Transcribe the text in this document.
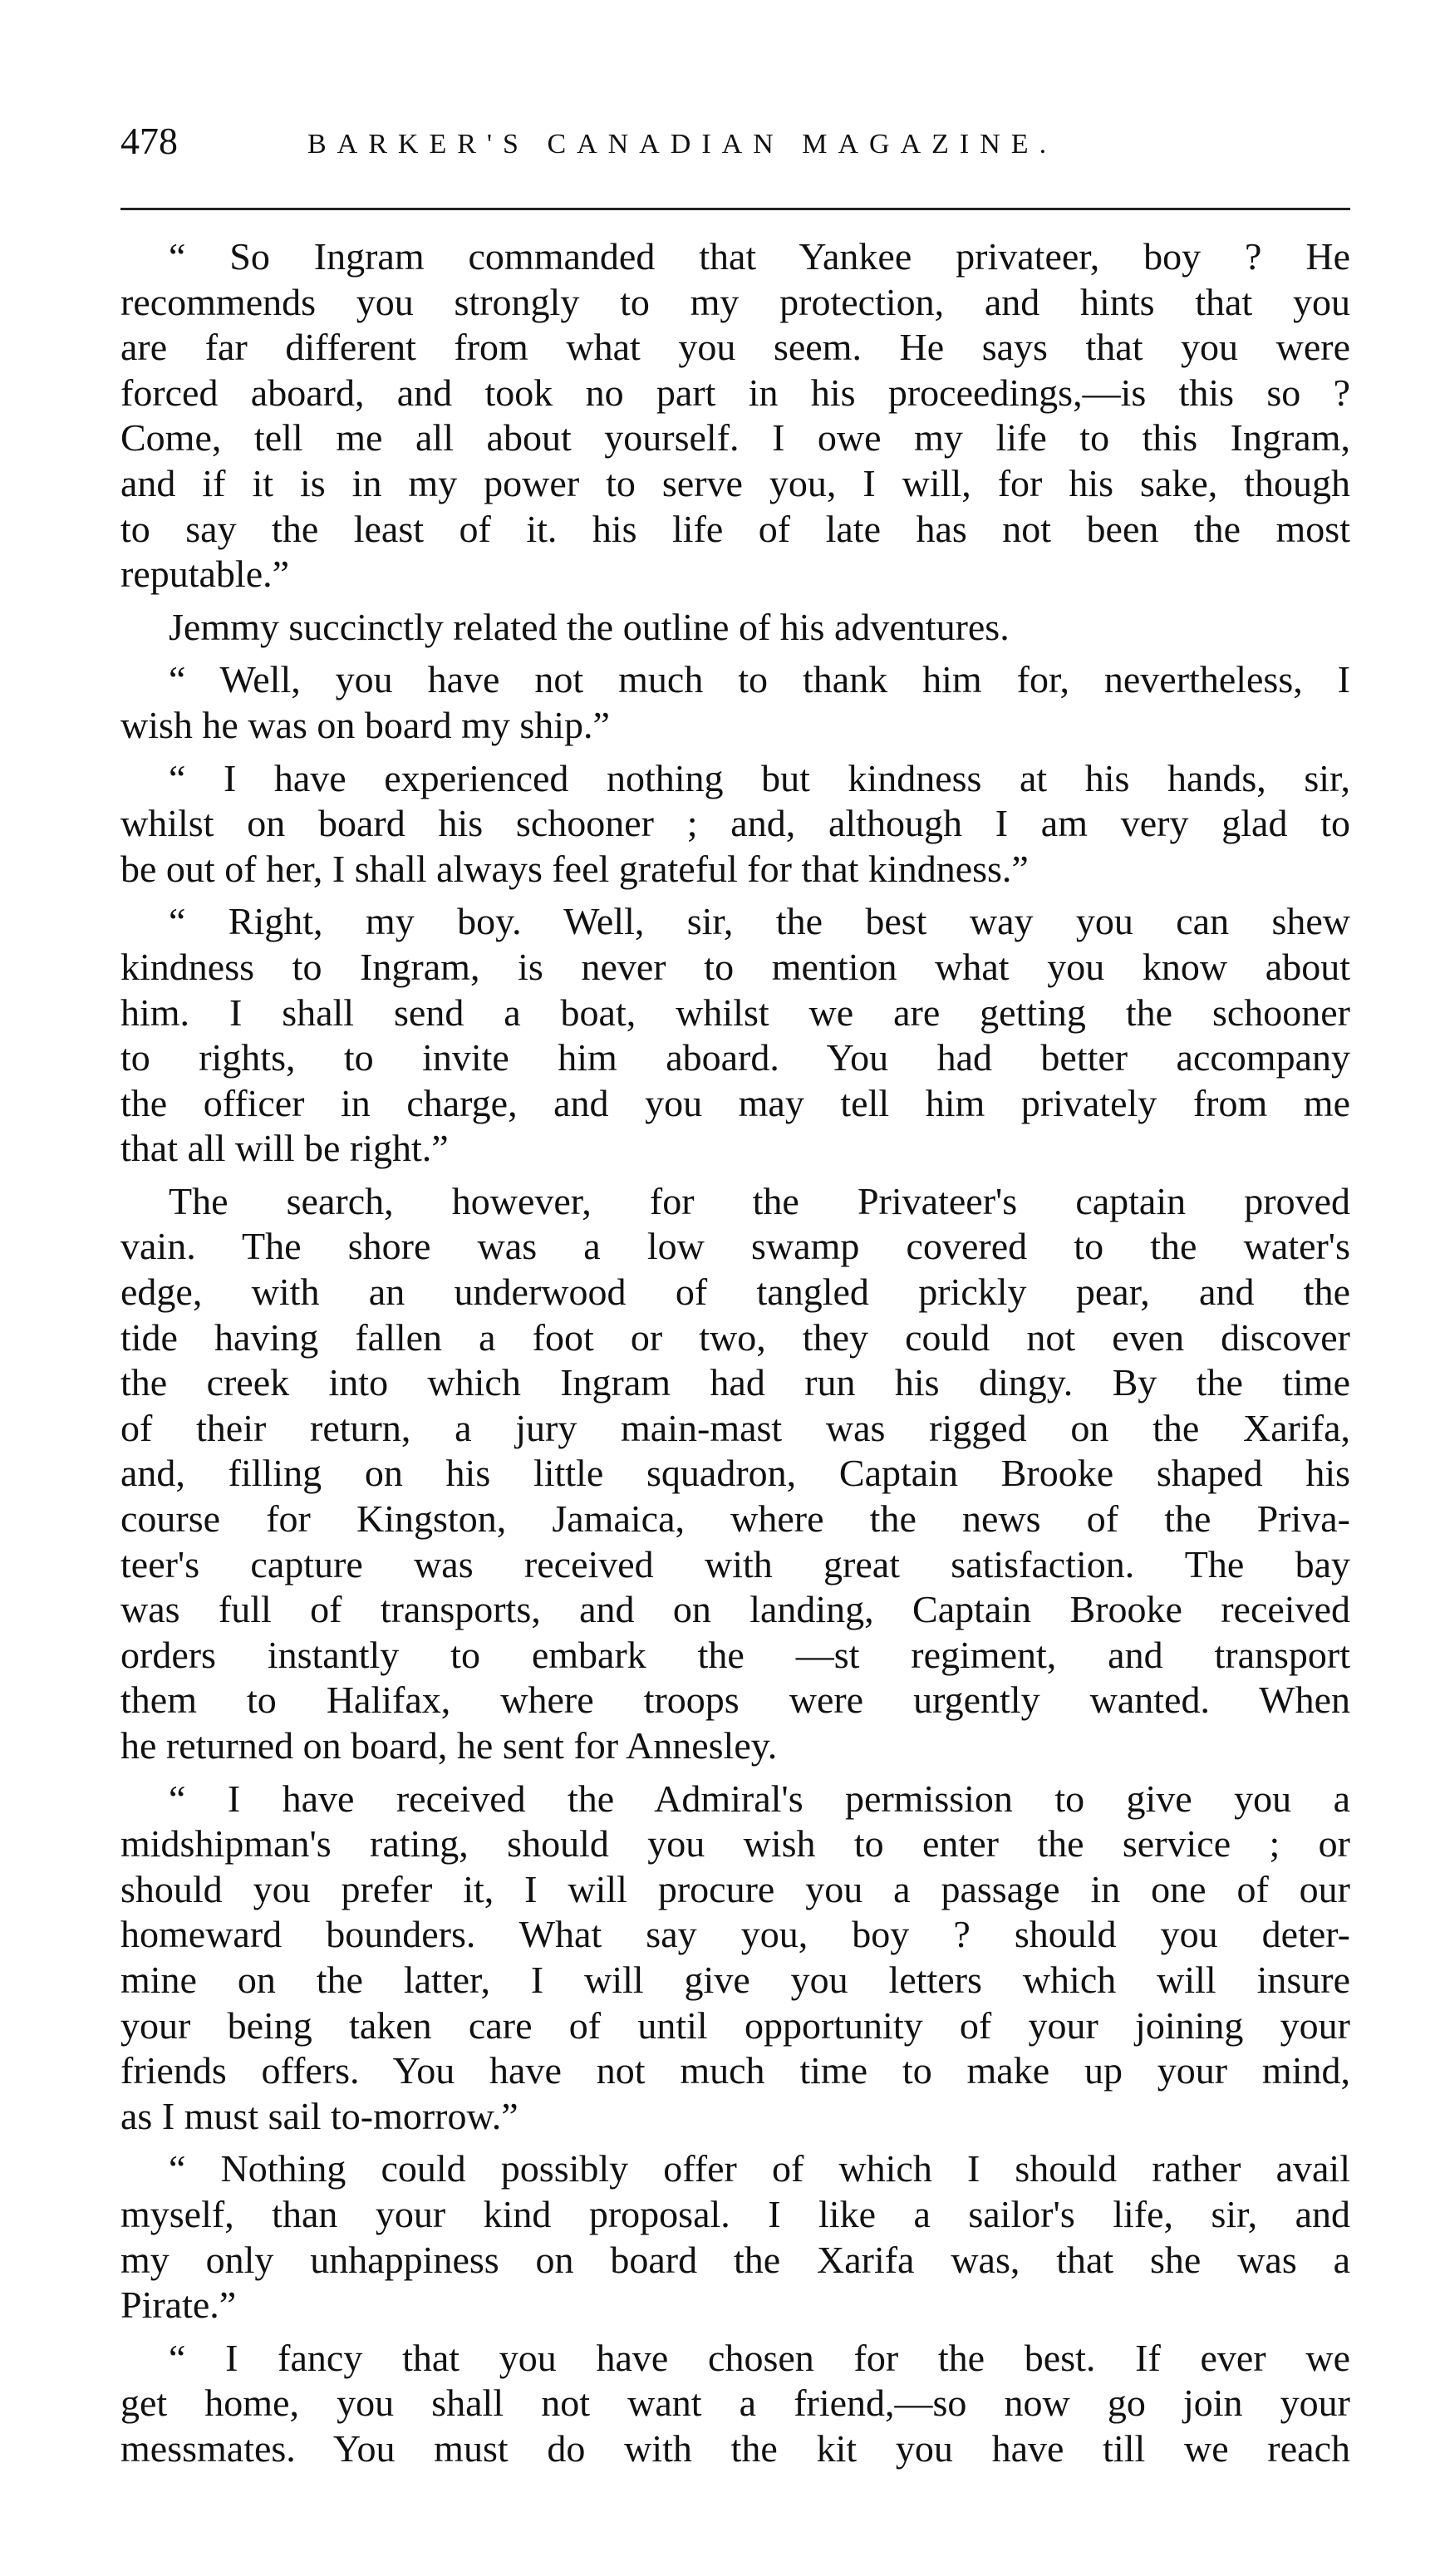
478	BARKER'S CANADIAN MAGAZINE.
“ So Ingram commanded that Yankee privateer, boy ? He
recommends you strongly to my protection, and hints that you
are far different from what you seem. He says that you were
forced aboard, and took no part in his proceedings,—is this so ?
Come, tell me all about yourself. I owe my life to this Ingram,
and if it is in my power to serve you, I will, for his sake, though
to say the least of it. his life of late has not been the most
reputable.”
Jemmy succinctly related the outline of his adventures.
“ Well, you have not much to thank him for, nevertheless, I
wish he was on board my ship.”
“ I have experienced nothing but kindness at his hands, sir,
whilst on board his schooner ; and, although I am very glad to
be out of her, I shall always feel grateful for that kindness.”
“ Right, my boy. Well, sir, the best way you can shew
kindness to Ingram, is never to mention what you know about
him. I shall send a boat, whilst we are getting the schooner
to rights, to invite him aboard. You had better accompany
the officer in charge, and you may tell him privately from me
that all will be right.”
The search, however, for the Privateer's captain proved
vain. The shore was a low swamp covered to the water's
edge, with an underwood of tangled prickly pear, and the
tide having fallen a foot or two, they could not even discover
the creek into which Ingram had run his dingy. By the time
of their return, a jury main-mast was rigged on the Xarifa,
and, filling on his little squadron, Captain Brooke shaped his
course for Kingston, Jamaica, where the news of the Priva-
teer's capture was received with great satisfaction. The bay
was full of transports, and on landing, Captain Brooke received
orders instantly to embark the —st regiment, and transport
them to Halifax, where troops were urgently wanted. When
he returned on board, he sent for Annesley.
“ I have received the Admiral's permission to give you a
midshipman's rating, should you wish to enter the service ; or
should you prefer it, I will procure you a passage in one of our
homeward bounders. What say you, boy ? should you deter-
mine on the latter, I will give you letters which will insure
your being taken care of until opportunity of your joining your
friends offers. You have not much time to make up your mind,
as I must sail to-morrow.”
“ Nothing could possibly offer of which I should rather avail
myself, than your kind proposal. I like a sailor's life, sir, and
my only unhappiness on board the Xarifa was, that she was a
Pirate.”
“ I fancy that you have chosen for the best. If ever we
get home, you shall not want a friend,—so now go join your
messmates. You must do with the kit you have till we reach
